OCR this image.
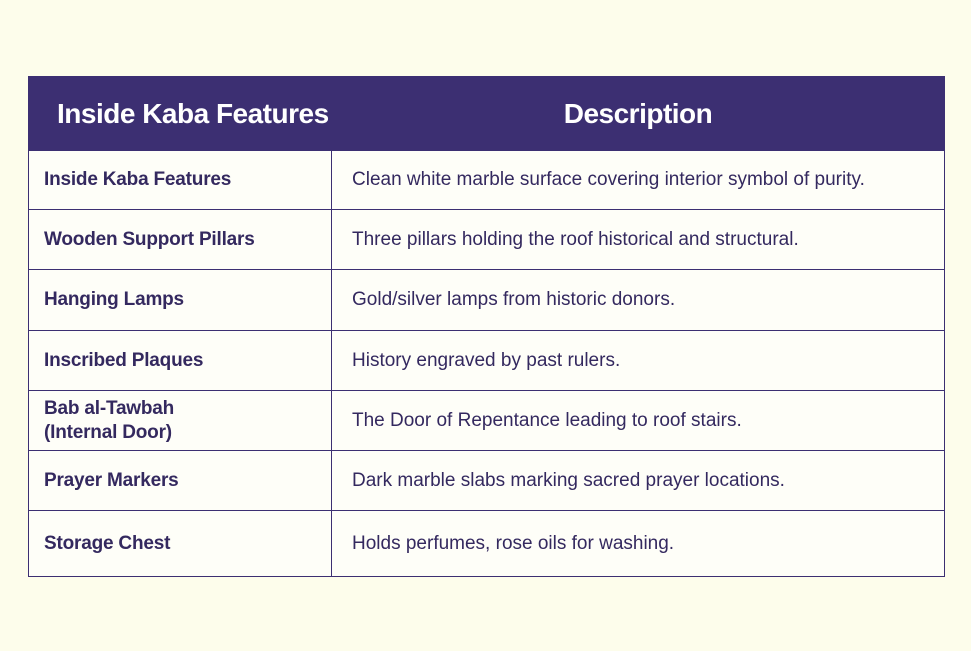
Inside Kaba Features	Description
Inside Kaba Features	Clean white marble surface covering interior symbol of purity.
Wooden Support Pillars	Three pillars holding the roof historical and structural.
Hanging Lamps	Gold/silver lamps from historic donors.
Inscribed Plaques	History engraved by past rulers.
Bab al-Tawbah
(Internal Door)	The Door of Repentance leading to roof stairs.
Prayer Markers	Dark marble slabs marking sacred prayer locations.
Storage Chest	Holds perfumes, rose oils for washing.
